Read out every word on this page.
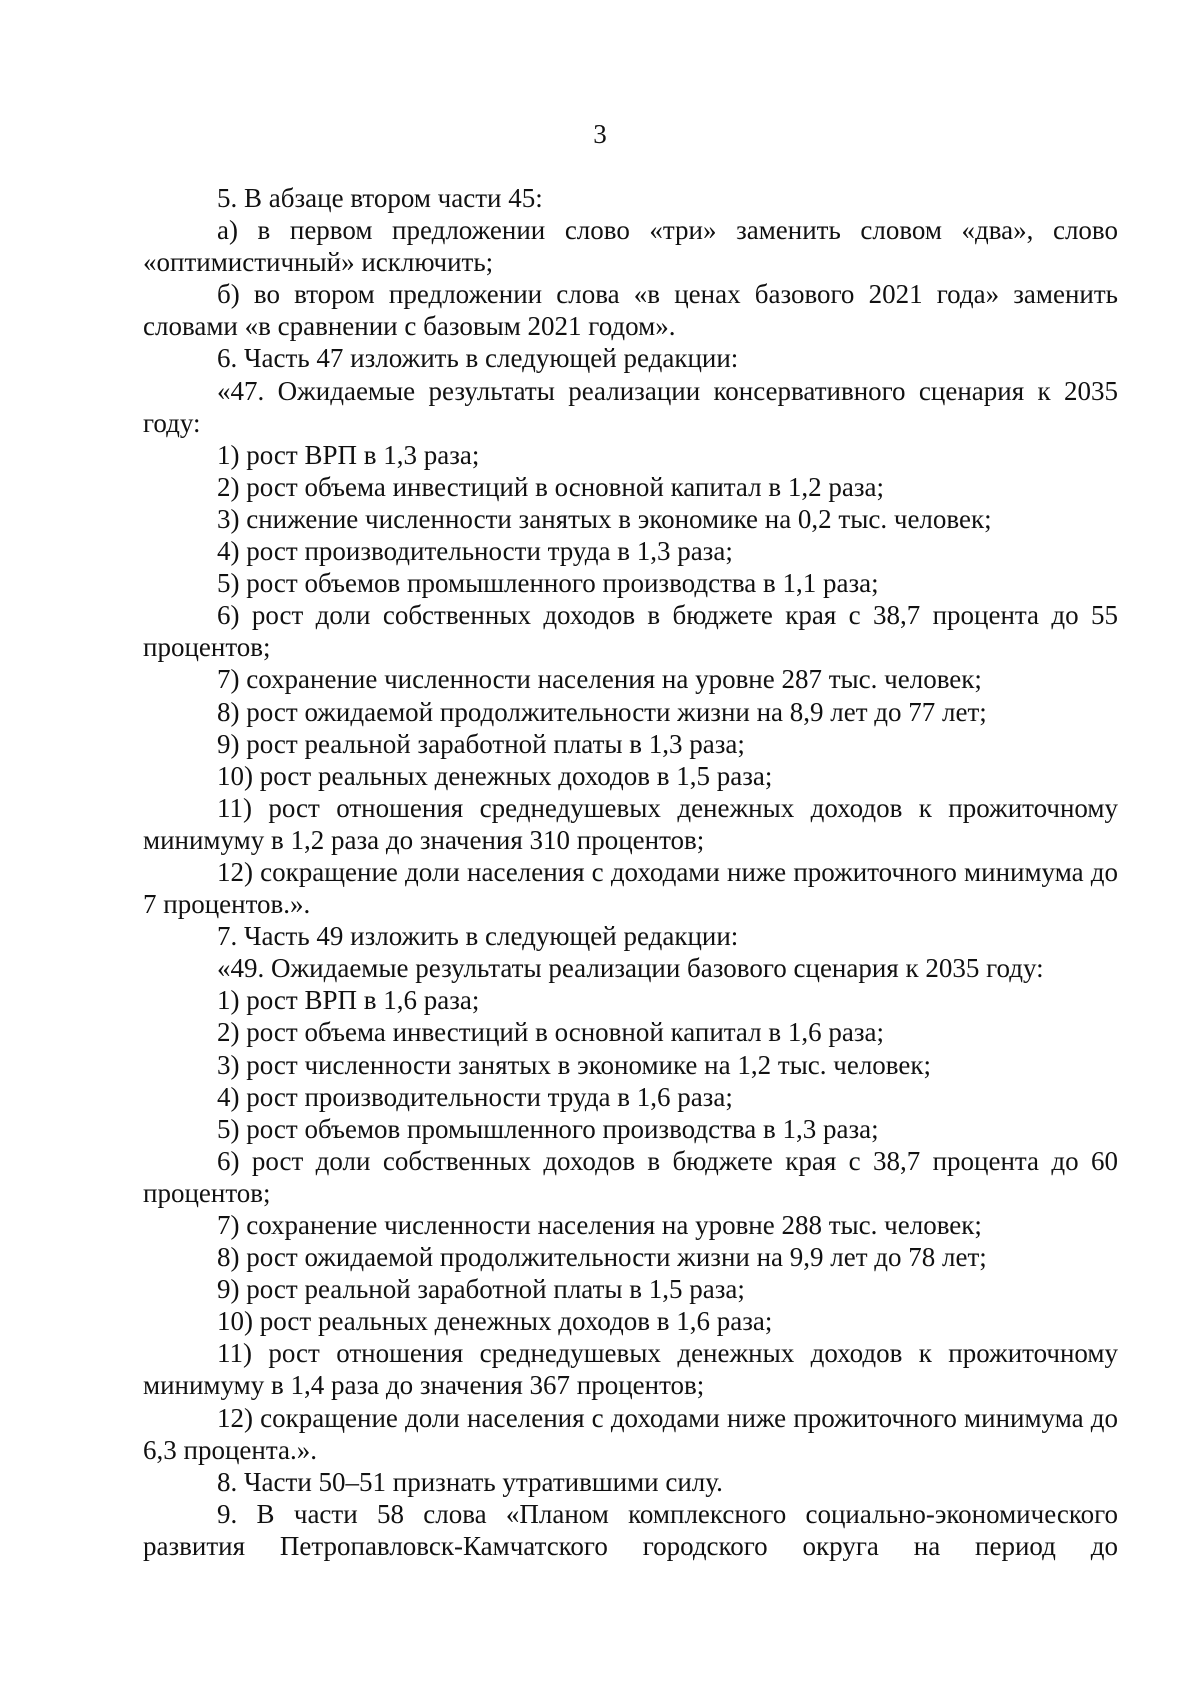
3

5. В абзаце втором части 45:

а) в первом предложении слово «три» заменить словом «два», слово «оптимистичный» исключить;

б) во втором предложении слова «в ценах базового 2021 года» заменить словами «в сравнении с базовым 2021 годом».

6. Часть 47 изложить в следующей редакции:

«47. Ожидаемые результаты реализации консервативного сценария к 2035 году:

1) рост ВРП в 1,3 раза;

2) рост объема инвестиций в основной капитал в 1,2 раза;

3) снижение численности занятых в экономике на 0,2 тыс. человек;

4) рост производительности труда в 1,3 раза;

5) рост объемов промышленного производства в 1,1 раза;

6) рост доли собственных доходов в бюджете края с 38,7 процента до 55 процентов;

7) сохранение численности населения на уровне 287 тыс. человек;

8) рост ожидаемой продолжительности жизни на 8,9 лет до 77 лет;

9) рост реальной заработной платы в 1,3 раза;

10) рост реальных денежных доходов в 1,5 раза;

11) рост отношения среднедушевых денежных доходов к прожиточному минимуму в 1,2 раза до значения 310 процентов;

12) сокращение доли населения с доходами ниже прожиточного минимума до 7 процентов.».

7. Часть 49 изложить в следующей редакции:

«49. Ожидаемые результаты реализации базового сценария к 2035 году:

1) рост ВРП в 1,6 раза;

2) рост объема инвестиций в основной капитал в 1,6 раза;

3) рост численности занятых в экономике на 1,2 тыс. человек;

4) рост производительности труда в 1,6 раза;

5) рост объемов промышленного производства в 1,3 раза;

6) рост доли собственных доходов в бюджете края с 38,7 процента до 60 процентов;

7) сохранение численности населения на уровне 288 тыс. человек;

8) рост ожидаемой продолжительности жизни на 9,9 лет до 78 лет;

9) рост реальной заработной платы в 1,5 раза;

10) рост реальных денежных доходов в 1,6 раза;

11) рост отношения среднедушевых денежных доходов к прожиточному минимуму в 1,4 раза до значения 367 процентов;

12) сокращение доли населения с доходами ниже прожиточного минимума до 6,3 процента.».

8. Части 50–51 признать утратившими силу.

9. В части 58 слова «Планом комплексного социально-экономического развития Петропавловск-Камчатского городского округа на период до
